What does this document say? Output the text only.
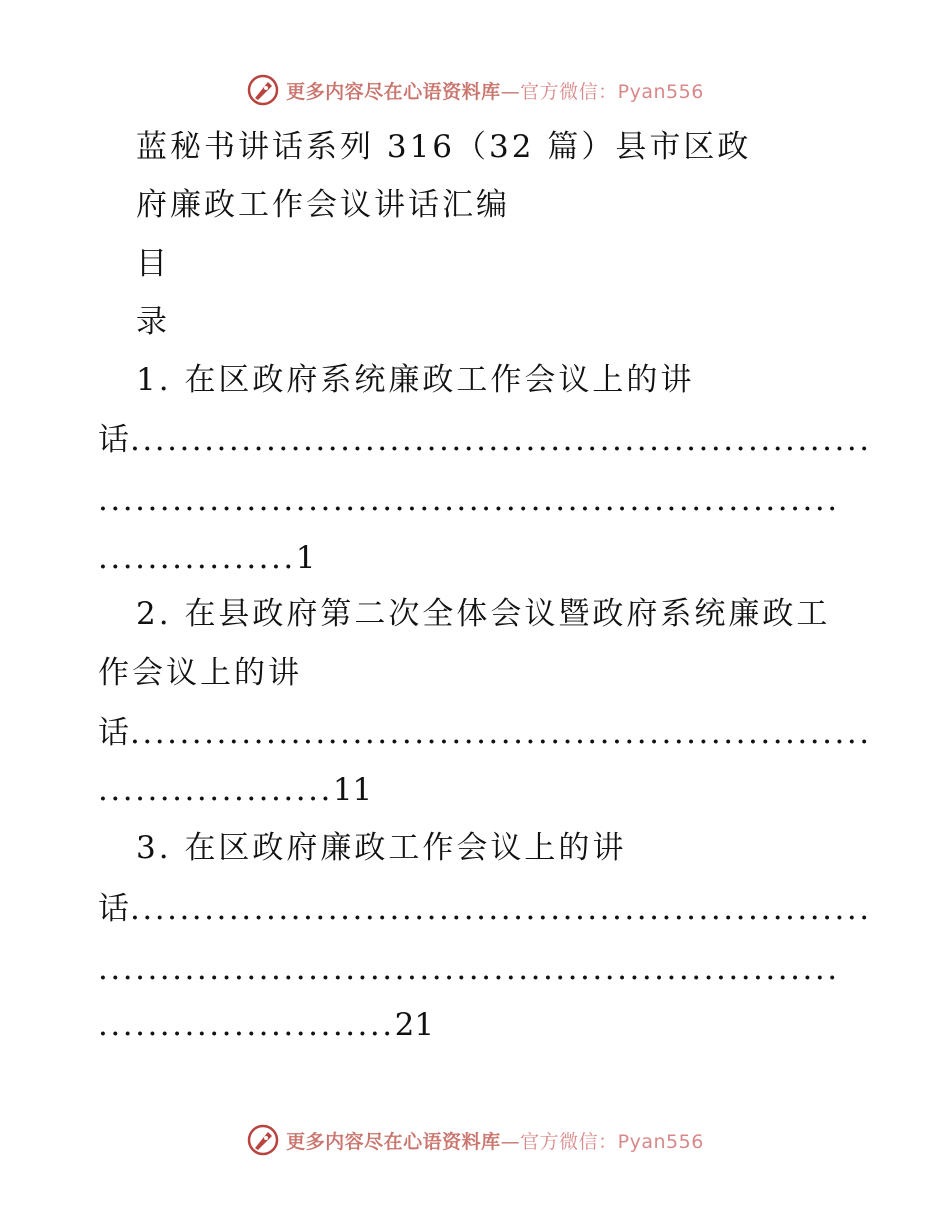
更多内容尽在心语资料库—官方微信：Pyan556
蓝秘书讲话系列 316（32 篇）县市区政
府廉政工作会议讲话汇编
目
录
1. 在区政府系统廉政工作会议上的讲
话
............................................................
............................................................
................1
2. 在县政府第二次全体会议暨政府系统廉政工
作会议上的讲
话
............................................................
...................11
3. 在区政府廉政工作会议上的讲
话
............................................................
............................................................
........................21
更多内容尽在心语资料库—官方微信：Pyan556
